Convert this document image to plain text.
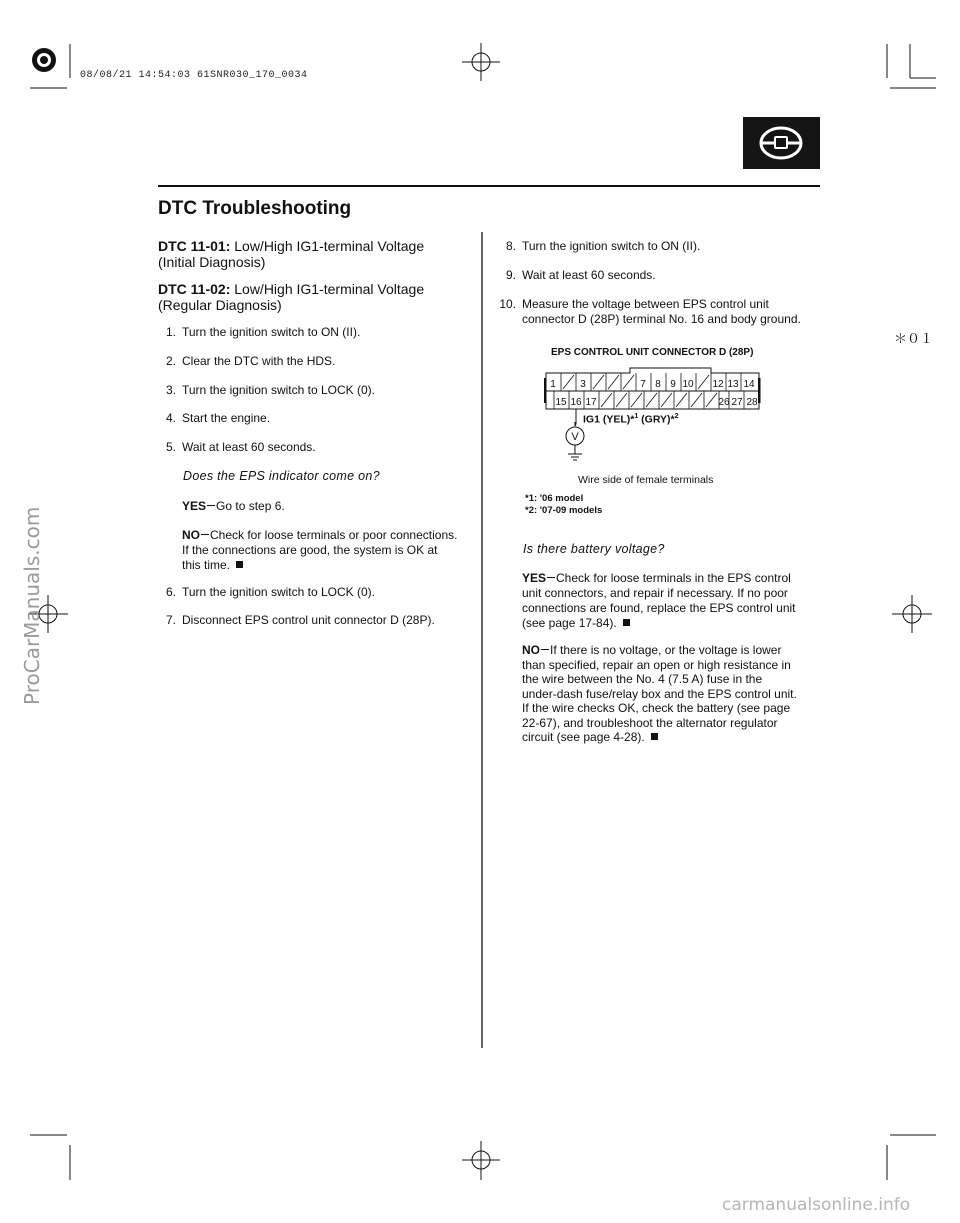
08/08/21 14:54:03 61SNR030_170_0034
ProCarManuals.com
DTC Troubleshooting
＊０１
DTC 11-01: Low/High IG1-terminal Voltage
(Initial Diagnosis)
DTC 11-02: Low/High IG1-terminal Voltage
(Regular Diagnosis)
1. Turn the ignition switch to ON (II).
2. Clear the DTC with the HDS.
3. Turn the ignition switch to LOCK (0).
4. Start the engine.
5. Wait at least 60 seconds.
Does the EPS indicator come on?
YES Go to step 6.
NO Check for loose terminals or poor connections.
If the connections are good, the system is OK at
this time.
6. Turn the ignition switch to LOCK (0).
7. Disconnect EPS control unit connector D (28P).
8. Turn the ignition switch to ON (II).
9. Wait at least 60 seconds.
10. Measure the voltage between EPS control unit
connector D (28P) terminal No. 16 and body ground.
EPS CONTROL UNIT CONNECTOR D (28P)
1 3	7 8 9 10 12 13 14
15 16 17	26 27 28
V
IG1 (YEL)*$^1$ (GRY)*$^2$
Wire side of female terminals
*1: '06 model
*2: '07-09 models
Is there battery voltage?
YES Check for loose terminals in the EPS control
unit connectors, and repair if necessary. If no poor
connections are found, replace the EPS control unit
(see page 17-84).
NO If there is no voltage, or the voltage is lower
than specified, repair an open or high resistance in
the wire between the No. 4 (7.5 A) fuse in the
under-dash fuse/relay box and the EPS control unit.
If the wire checks OK, check the battery (see page
22-67), and troubleshoot the alternator regulator
circuit (see page 4-28).
carmanualsonline.info
